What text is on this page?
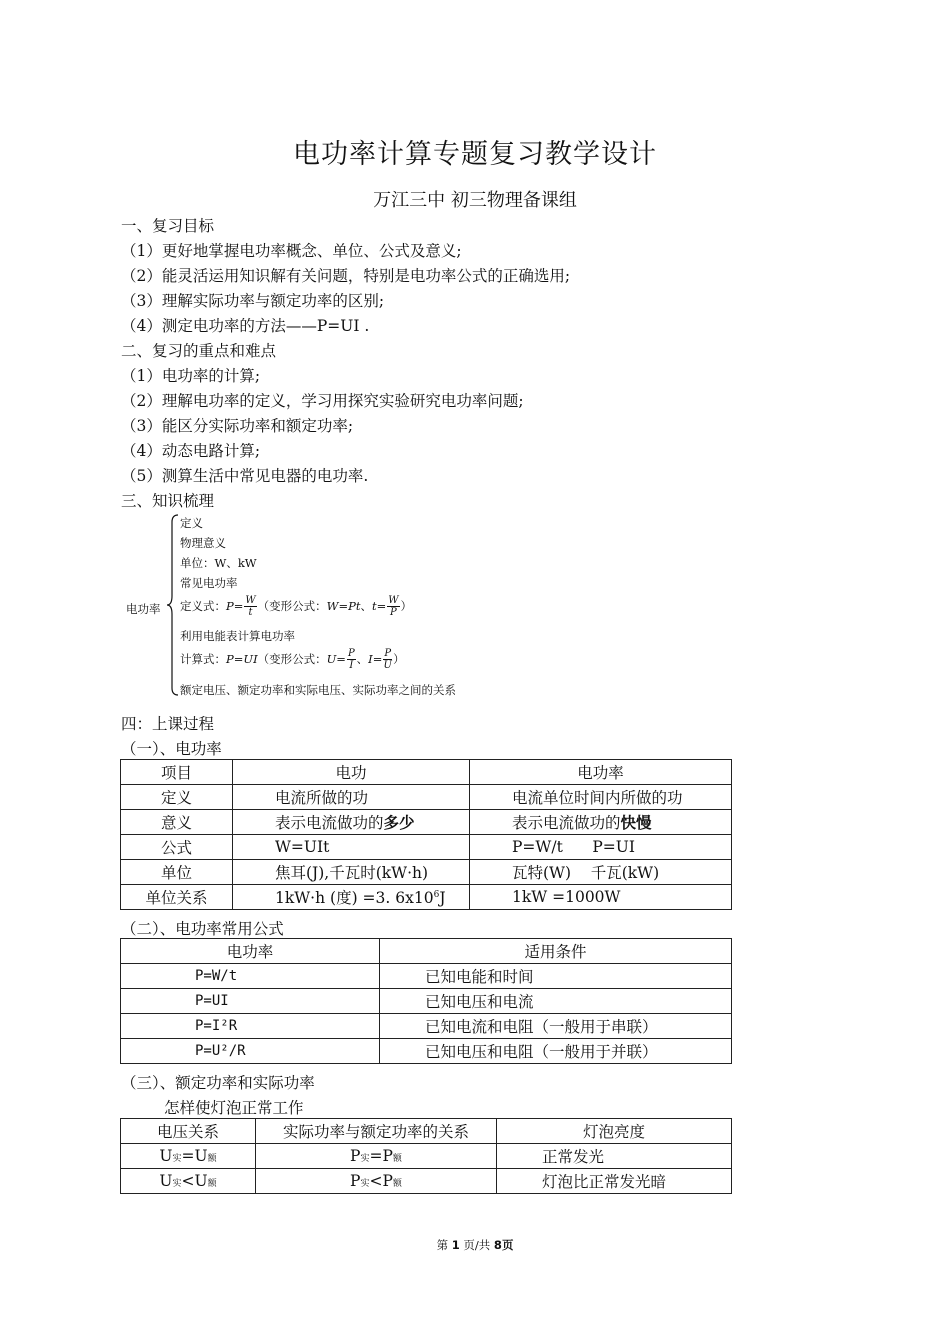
电功率计算专题复习教学设计
万江三中 初三物理备课组
一、复习目标
（1）更好地掌握电功率概念、单位、公式及意义;
（2）能灵活运用知识解有关问题，特别是电功率公式的正确选用;
（3）理解实际功率与额定功率的区别;
（4）测定电功率的方法——P=UI .
二、复习的重点和难点
（1）电功率的计算;
（2）理解电功率的定义，学习用探究实验研究电功率问题;
（3）能区分实际功率和额定功率;
（4）动态电路计算;
（5）测算生活中常见电器的电功率.
三、知识梳理
电功率
定义
物理意义
单位：W、kW
常见电功率
定义式：$P= \frac{W}{t}$ （变形公式：W=Pt、$t= \frac{W}{P}$ ）
利用电能表计算电功率
计算式：P=UI（变形公式：$U= \frac{P}{I}$ 、$I= \frac{P}{U}$ ）
额定电压、额定功率和实际电压、实际功率之间的关系
四：上课过程
（一）、电功率
项目	电功	电功率
定义	电流所做的功	电流单位时间内所做的功
意义	表示电流做功的多少	表示电流做功的快慢
公式	W=UIt	P=W/t      P=UI
单位	焦耳(J),千瓦时(kW·h)	瓦特(W)    千瓦(kW)
单位关系	1kW·h (度) =3. $6x10^6J$	1kW =1000W
（二）、电功率常用公式
电功率	适用条件
P=W/t	已知电能和时间
P=UI	已知电压和电流
P=I²R	已知电流和电阻（一般用于串联）
P=U²/R	已知电压和电阻（一般用于并联）
（三）、额定功率和实际功率
怎样使灯泡正常工作
电压关系	实际功率与额定功率的关系	灯泡亮度
U实=U额	P实=P额	正常发光
U实<U额	P实<P额	灯泡比正常发光暗
第 1 页/共 8页
